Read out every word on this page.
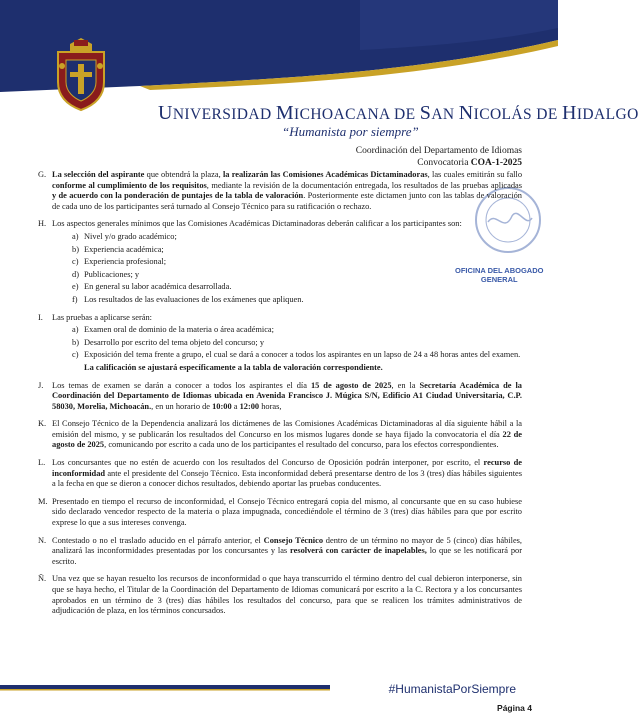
UNIVERSIDAD MICHOACANA DE SAN NICOLÁS DE HIDALGO
“Humanista por siempre”
Coordinación del Departamento de Idiomas
Convocatoria COA-1-2025
OFICINA DEL ABOGADO
GENERAL
G. La selección del aspirante que obtendrá la plaza, la realizarán las Comisiones Académicas Dictaminadoras, las cuales emitirán su fallo conforme al cumplimiento de los requisitos, mediante la revisión de la documentación entregada, los resultados de las pruebas aplicadas y de acuerdo con la ponderación de puntajes de la tabla de valoración. Posteriormente este dictamen junto con las tablas de valoración de cada uno de los participantes será turnado al Consejo Técnico para su ratificación o rechazo.
H. Los aspectos generales mínimos que las Comisiones Académicas Dictaminadoras deberán calificar a los participantes son:
a) Nivel y/o grado académico;
b) Experiencia académica;
c) Experiencia profesional;
d) Publicaciones; y
e) En general su labor académica desarrollada.
f) Los resultados de las evaluaciones de los exámenes que apliquen.
I.	Las pruebas a aplicarse serán:
a) Examen oral de dominio de la materia o área académica;
b) Desarrollo por escrito del tema objeto del concurso; y
c) Exposición del tema frente a grupo, el cual se dará a conocer a todos los aspirantes en un lapso de 24 a 48 horas antes del examen.
La calificación se ajustará específicamente a la tabla de valoración correspondiente.
J.	Los temas de examen se darán a conocer a todos los aspirantes el día 15 de agosto de 2025, en la Secretaría Académica de la Coordinación del Departamento de Idiomas ubicada en Avenida Francisco J. Múgica S/N, Edificio A1 Ciudad Universitaria, C.P. 58030, Morelia, Michoacán., en un horario de 10:00 a 12:00 horas,
K. El Consejo Técnico de la Dependencia analizará los dictámenes de las Comisiones Académicas Dictaminadoras al día siguiente hábil a la emisión del mismo, y se publicarán los resultados del Concurso en los mismos lugares donde se haya fijado la convocatoria el día 22 de agosto de 2025, comunicando por escrito a cada uno de los participantes el resultado del concurso, para los efectos correspondientes.
L. Los concursantes que no estén de acuerdo con los resultados del Concurso de Oposición podrán interponer, por escrito, el recurso de inconformidad ante el presidente del Consejo Técnico. Esta inconformidad deberá presentarse dentro de los 3 (tres) días hábiles siguientes a la fecha en que se dieron a conocer dichos resultados, debiendo aportar las pruebas conducentes.
M. Presentado en tiempo el recurso de inconformidad, el Consejo Técnico entregará copia del mismo, al concursante que en su caso hubiese sido declarado vencedor respecto de la materia o plaza impugnada, concediéndole el término de 3 (tres) días hábiles para que por escrito exprese lo que a sus intereses convenga.
N. Contestado o no el traslado aducido en el párrafo anterior, el Consejo Técnico dentro de un término no mayor de 5 (cinco) días hábiles, analizará las inconformidades presentadas por los concursantes y las resolverá con carácter de inapelables, lo que se les notificará por escrito.
Ñ. Una vez que se hayan resuelto los recursos de inconformidad o que haya transcurrido el término dentro del cual debieron interponerse, sin que se haya hecho, el Titular de la Coordinación del Departamento de Idiomas comunicará por escrito a la C. Rectora y a los concursantes aprobados en un término de 3 (tres) días hábiles los resultados del concurso, para que se realicen los trámites administrativos de adjudicación de plaza, en los términos concursados.
#HumanistaPorSiempre
Página 4
